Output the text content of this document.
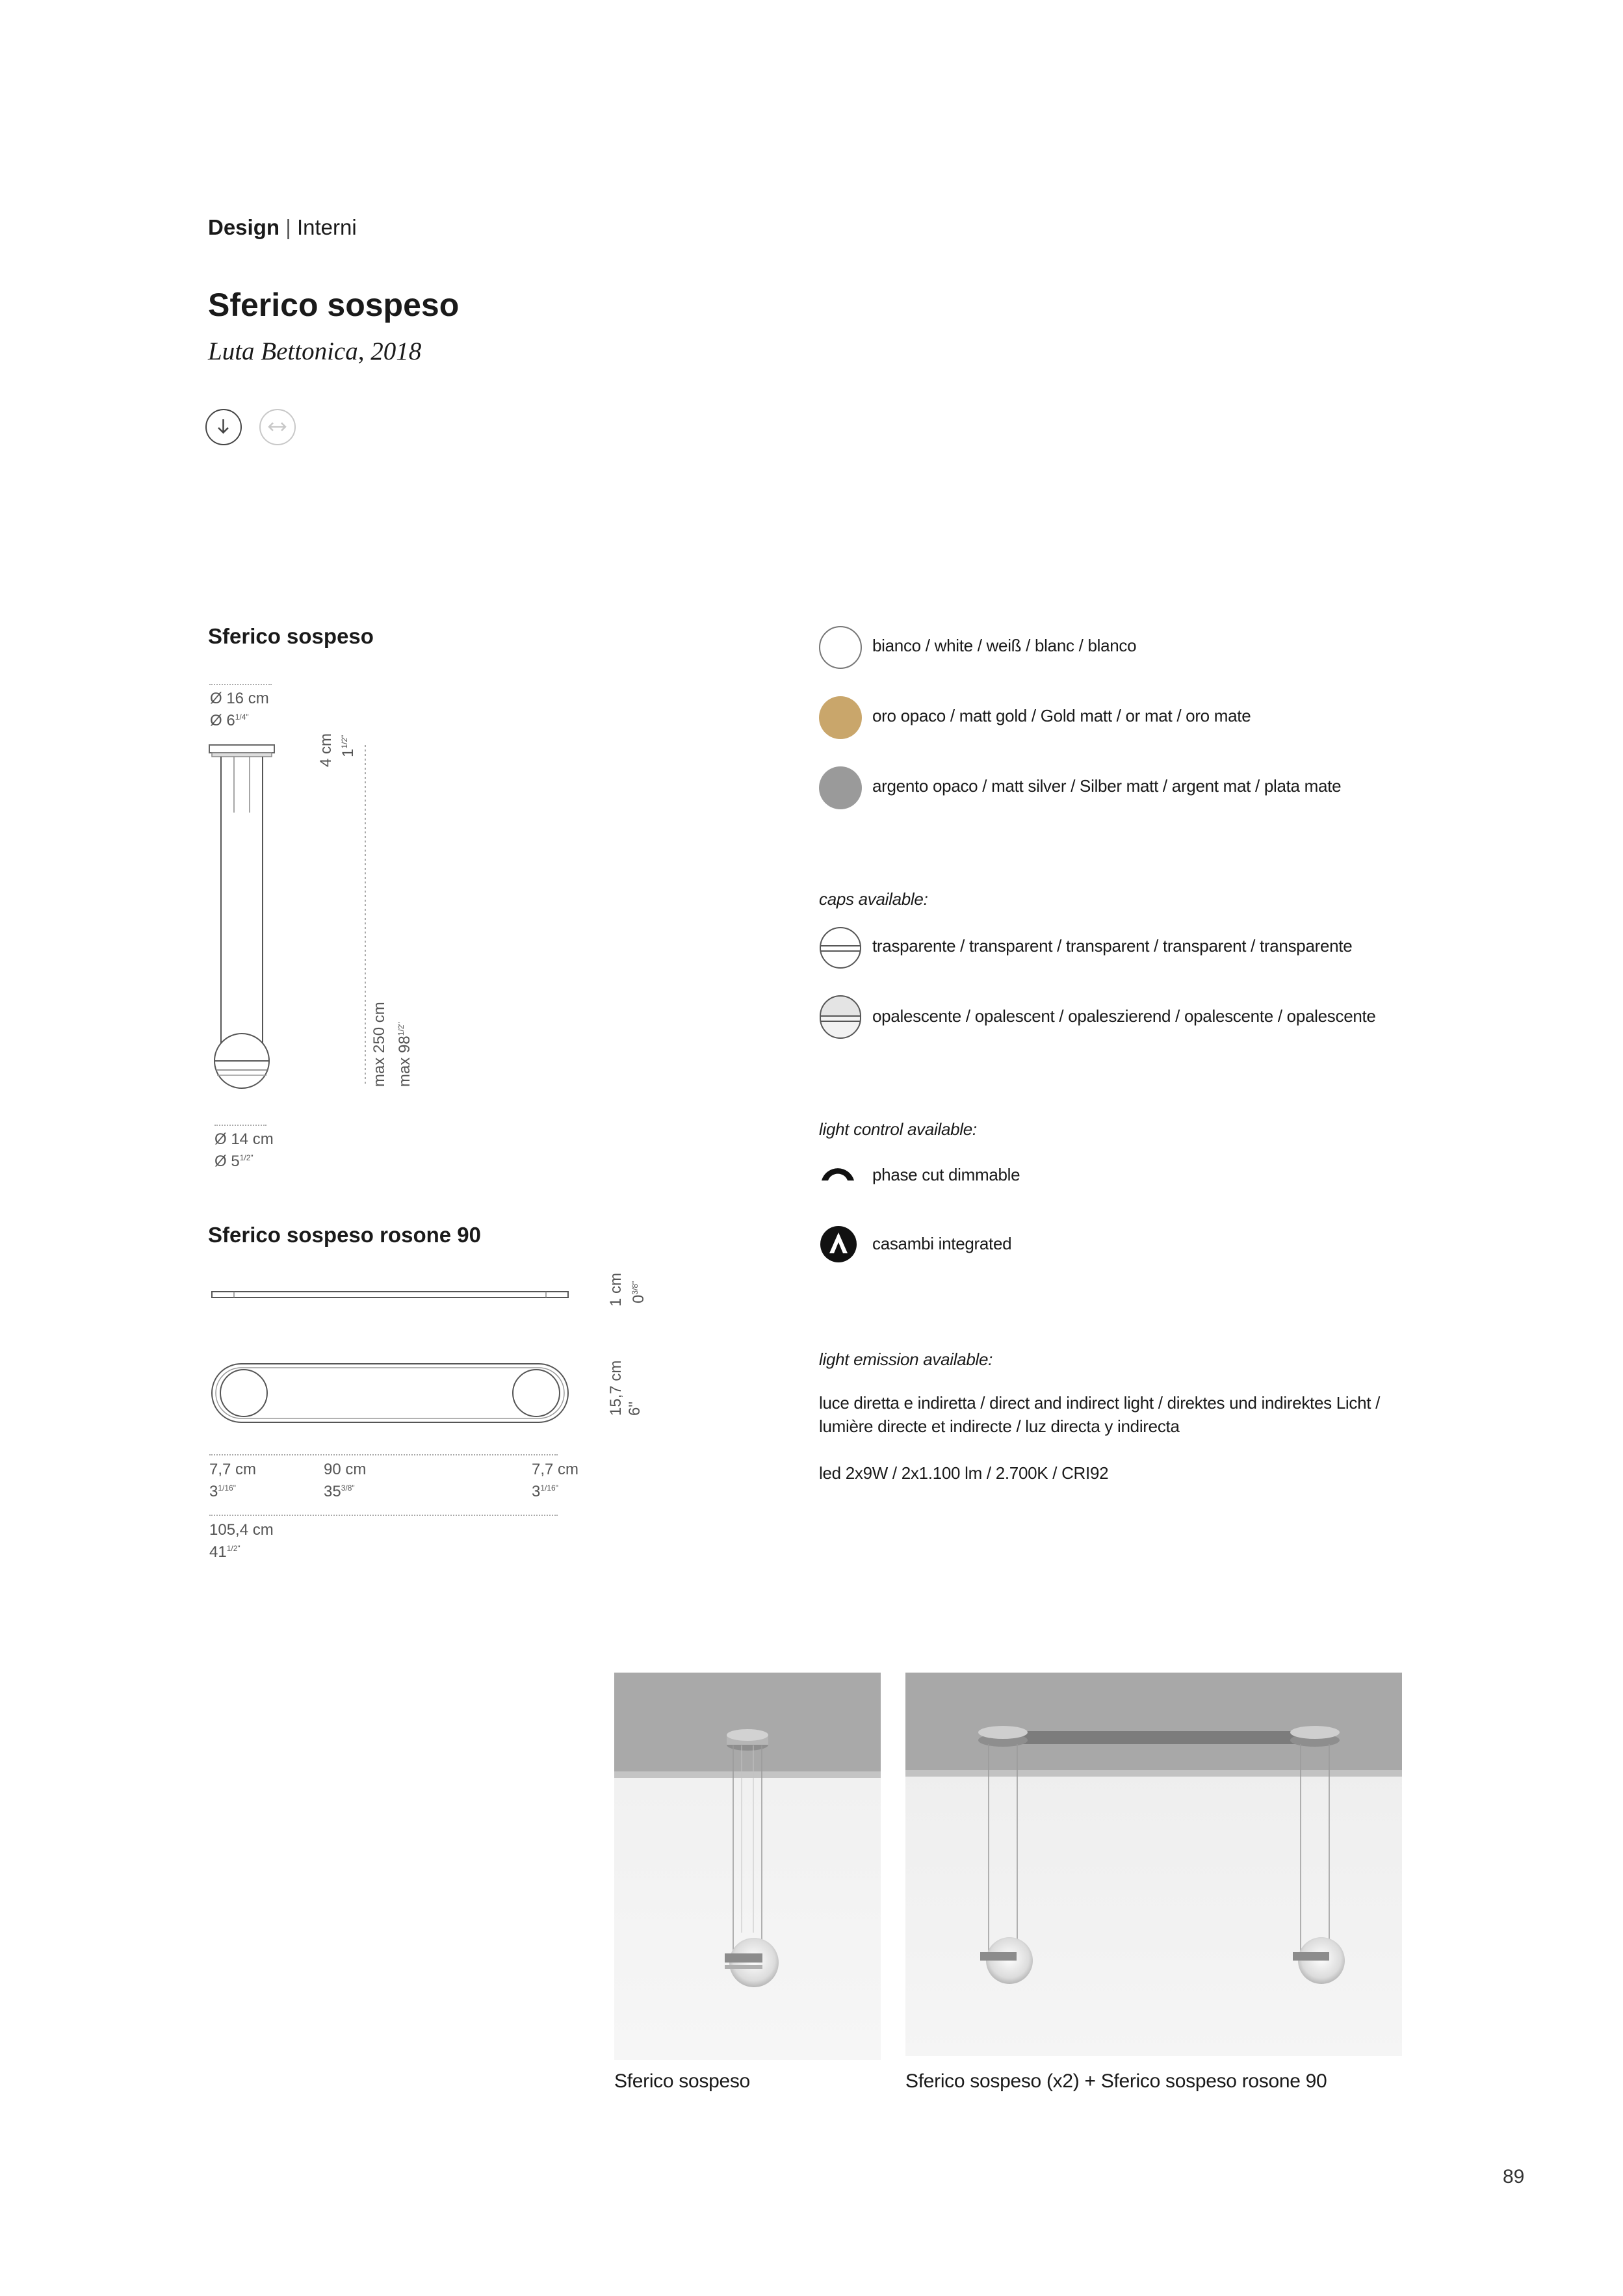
Design | Interni
Sferico sospeso
Luta Bettonica, 2018
Sferico sospeso
Ø 16 cm
Ø $6^{1/4"}$
4 cm $1^{1/2"}$
max 250 cm $\max 98^{1/2"}$
Ø 14 cm
Ø $5^{1/2"}$
Sferico sospeso rosone 90
1 cm $0^{3/8"}$
15,7 cm 6"
7,7 cm
$3^{1/16"}$
90 cm
$35^{3/8"}$
7,7 cm
$3^{1/16"}$
105,4 cm
$41^{1/2"}$
bianco / white / weiß / blanc / blanco
oro opaco / matt gold / Gold matt / or mat / oro mate
argento opaco / matt silver / Silber matt / argent mat / plata mate
caps available:
trasparente / transparent / transparent / transparent / transparente
opalescente / opalescent / opaleszierend / opalescente / opalescente
light control available:
phase cut dimmable
casambi integrated
light emission available:
luce diretta e indiretta / direct and indirect light / direktes und indirektes Licht /
lumière directe et indirecte / luz directa y indirecta
led 2x9W / 2x1.100 lm / 2.700K / CRI92
Sferico sospeso	Sferico sospeso (x2) + Sferico sospeso rosone 90
89
